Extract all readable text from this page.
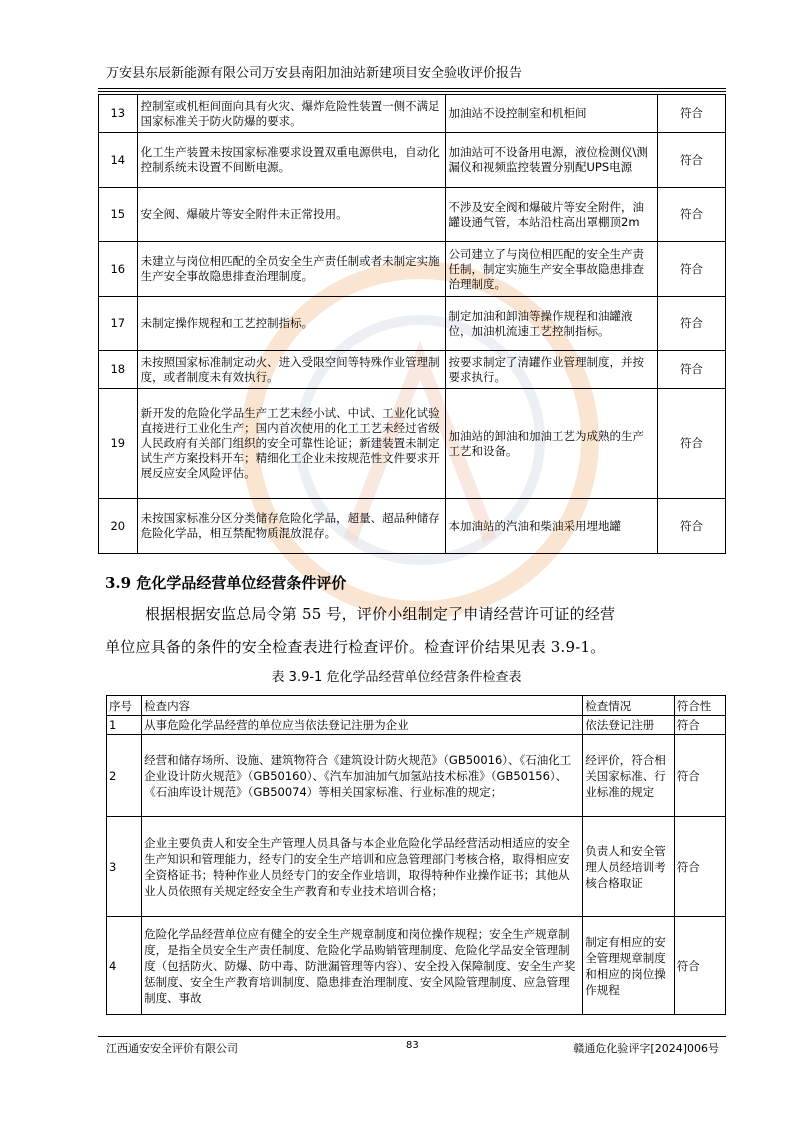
万安县东辰新能源有限公司万安县南阳加油站新建项目安全验收评价报告
13	控制室或机柜间面向具有火灾、爆炸危险性装置一侧不满足国家标准关于防火防爆的要求。	加油站不设控制室和机柜间	符合
14	化工生产装置未按国家标准要求设置双重电源供电，自动化控制系统未设置不间断电源。	加油站可不设备用电源，液位检测仪\测漏仪和视频监控装置分别配UPS电源	符合
15	安全阀、爆破片等安全附件未正常投用。	不涉及安全阀和爆破片等安全附件，油罐设通气管，本站沿柱高出罩棚顶2m	符合
16	未建立与岗位相匹配的全员安全生产责任制或者未制定实施生产安全事故隐患排查治理制度。	公司建立了与岗位相匹配的安全生产责任制，制定实施生产安全事故隐患排查治理制度。	符合
17	未制定操作规程和工艺控制指标。	制定加油和卸油等操作规程和油罐液位，加油机流速工艺控制指标。	符合
18	未按照国家标准制定动火、进入受限空间等特殊作业管理制度，或者制度未有效执行。	按要求制定了清罐作业管理制度，并按要求执行。	符合
19	新开发的危险化学品生产工艺未经小试、中试、工业化试验直接进行工业化生产；国内首次使用的化工工艺未经过省级人民政府有关部门组织的安全可靠性论证；新建装置未制定试生产方案投料开车；精细化工企业未按规范性文件要求开展反应安全风险评估。	加油站的卸油和加油工艺为成熟的生产工艺和设备。	符合
20	未按国家标准分区分类储存危险化学品，超量、超品种储存危险化学品，相互禁配物质混放混存。	本加油站的汽油和柴油采用埋地罐	符合
3.9 危化学品经营单位经营条件评价
根据根据安监总局令第 55 号，评价小组制定了申请经营许可证的经营
单位应具备的条件的安全检查表进行检查评价。检查评价结果见表 3.9-1。
表 3.9-1 危化学品经营单位经营条件检查表
序号	检查内容	检查情况	符合性
1	从事危险化学品经营的单位应当依法登记注册为企业	依法登记注册	符合
2	经营和储存场所、设施、建筑物符合《建筑设计防火规范》（GB50016）、《石油化工企业设计防火规范》（GB50160）、《汽车加油加气加氢站技术标准》（GB50156）、《石油库设计规范》（GB50074）等相关国家标准、行业标准的规定；	经评价，符合相关国家标准、行业标准的规定	符合
3	企业主要负责人和安全生产管理人员具备与本企业危险化学品经营活动相适应的安全生产知识和管理能力，经专门的安全生产培训和应急管理部门考核合格，取得相应安全资格证书；特种作业人员经专门的安全作业培训，取得特种作业操作证书；其他从业人员依照有关规定经安全生产教育和专业技术培训合格；	负责人和安全管理人员经培训考核合格取证	符合
4	危险化学品经营单位应有健全的安全生产规章制度和岗位操作规程；安全生产规章制度，是指全员安全生产责任制度、危险化学品购销管理制度、危险化学品安全管理制度（包括防火、防爆、防中毒、防泄漏管理等内容）、安全投入保障制度、安全生产奖惩制度、安全生产教育培训制度、隐患排查治理制度、安全风险管理制度、应急管理制度、事故	制定有相应的安全管理规章制度和相应的岗位操作规程	符合
江西通安安全评价有限公司	83	赣通危化验评字[2024]006号
